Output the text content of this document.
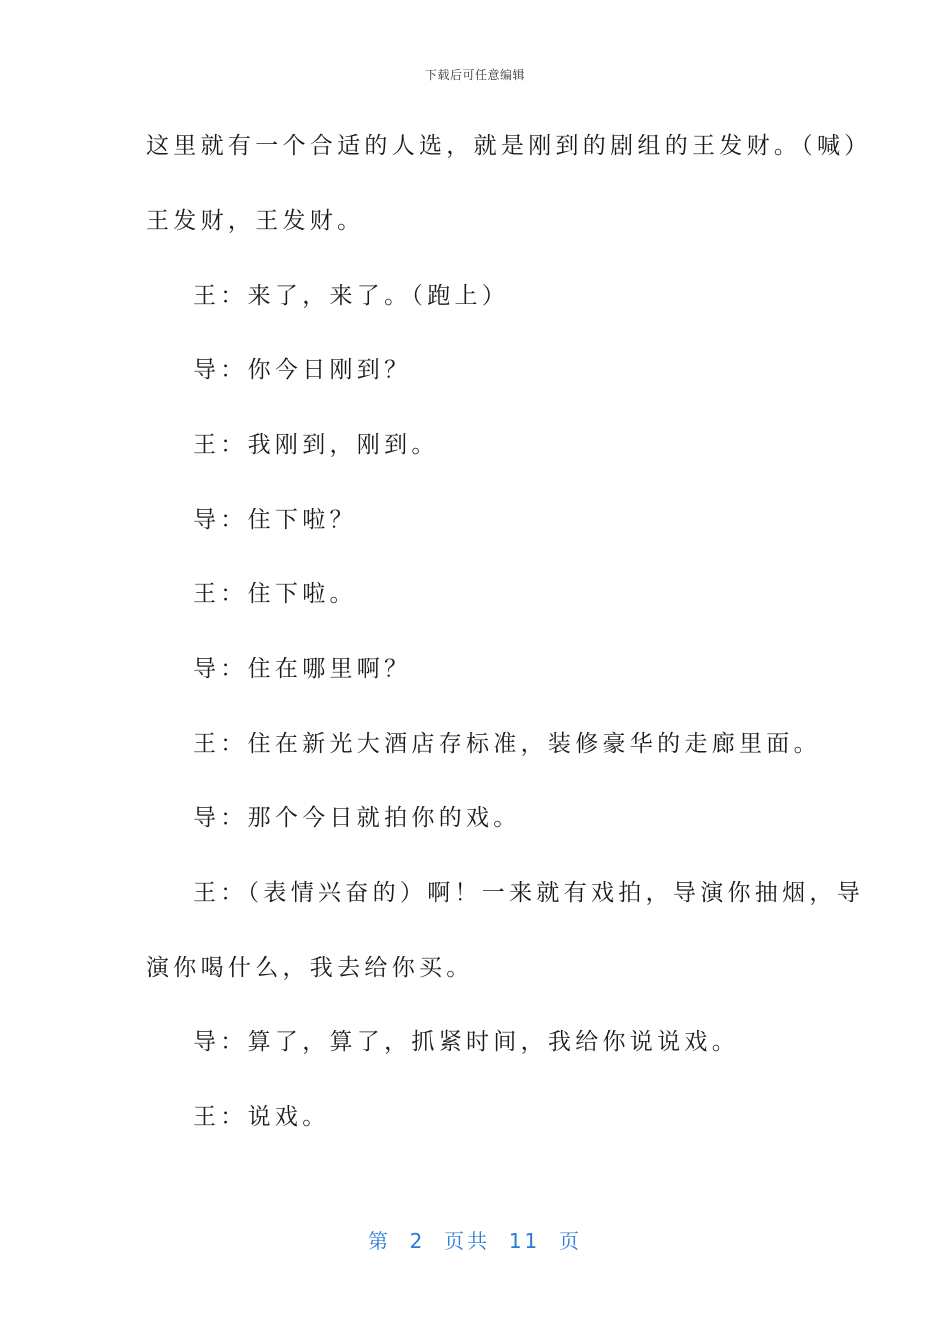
下载后可任意编辑
这里就有一个合适的人选，就是刚到的剧组的王发财。（喊）
王发财，王发财。
王：来了，来了。（跑上）
导：你今日刚到？
王：我刚到，刚到。
导：住下啦？
王：住下啦。
导：住在哪里啊？
王：住在新光大酒店存标准，装修豪华的走廊里面。
导：那个今日就拍你的戏。
王：（表情兴奋的）啊！一来就有戏拍，导演你抽烟，导
演你喝什么，我去给你买。
导：算了，算了，抓紧时间，我给你说说戏。
王：说戏。
第  2  页共  11  页
